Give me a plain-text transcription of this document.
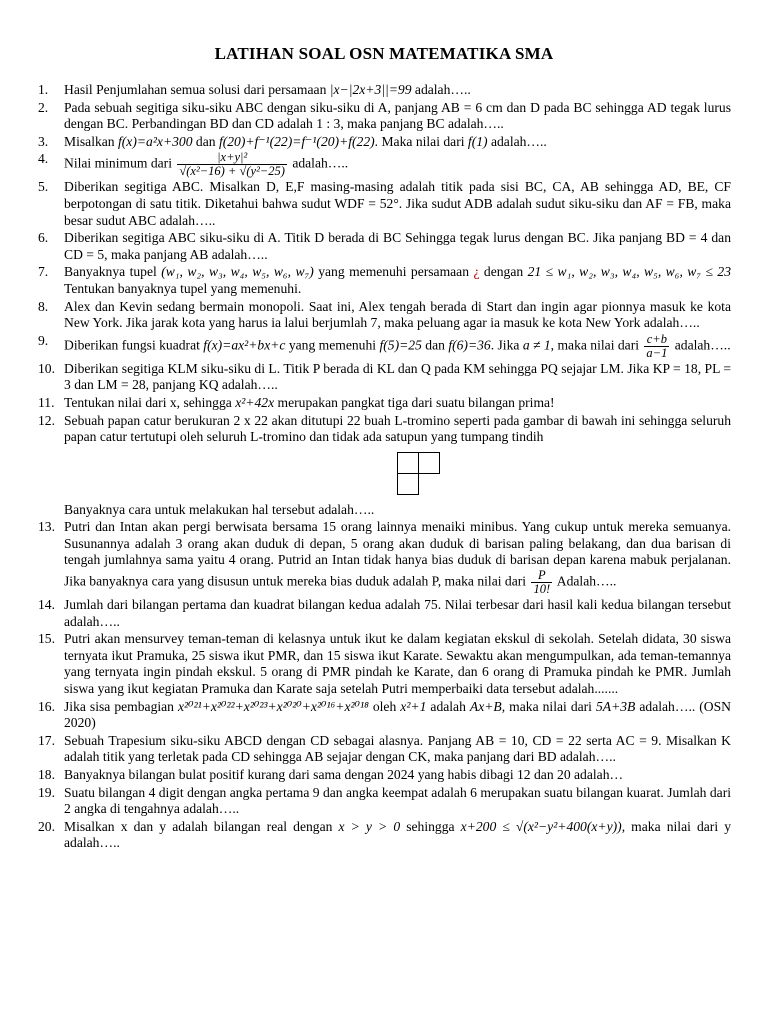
LATIHAN SOAL OSN MATEMATIKA SMA
1.	Hasil Penjumlahan semua solusi dari persamaan |x−|2x+3||=99 adalah…..
2.	Pada sebuah segitiga siku-siku ABC dengan siku-siku di A, panjang AB = 6 cm dan D pada BC sehingga AD tegak lurus dengan BC. Perbandingan BD dan CD adalah 1 : 3, maka panjang BC adalah…..
3.	Misalkan f(x)=a²x+300 dan f(20)+f⁻¹(22)=f⁻¹(20)+f(22). Maka nilai dari f(1) adalah…..
4.	Nilai minimum dari $\frac{\text{|x+y|²}}{\text{√(x²−16) + √(y²−25)}}$ adalah…..
5.	Diberikan segitiga ABC. Misalkan D, E,F masing-masing adalah titik pada sisi BC, CA, AB sehingga AD, BE, CF berpotongan di satu titik. Diketahui bahwa sudut WDF = 52°. Jika sudut ADB adalah sudut siku-siku dan AF = FB, maka besar sudut ABC adalah…..
6.	Diberikan segitiga ABC siku-siku di A. Titik D berada di BC Sehingga tegak lurus dengan BC. Jika panjang BD = 4 dan CD = 5, maka panjang AB adalah…..
7.	Banyaknya tupel (w₁, w₂, w₃, w₄, w₅, w₆, w₇) yang memenuhi persamaan ¿ dengan 21 ≤ w₁, w₂, w₃, w₄, w₅, w₆, w₇ ≤ 23 Tentukan banyaknya tupel yang memenuhi.
8.	Alex dan Kevin sedang bermain monopoli. Saat ini, Alex tengah berada di Start dan ingin agar pionnya masuk ke kota New York. Jika jarak kota yang harus ia lalui berjumlah 7, maka peluang agar ia masuk ke kota New York adalah…..
9.	Diberikan fungsi kuadrat f(x)=ax²+bx+c yang memenuhi f(5)=25 dan f(6)=36. Jika a ≠ 1, maka nilai dari $\frac{c+b}{a-1}$ adalah…..
10. Diberikan segitiga KLM siku-siku di L. Titik P berada di KL dan Q pada KM sehingga PQ sejajar LM. Jika KP = 18, PL = 3 dan LM = 28, panjang KQ adalah…..
11. Tentukan nilai dari x, sehingga x²+42x merupakan pangkat tiga dari suatu bilangan prima!
12. Sebuah papan catur berukuran 2 x 22 akan ditutupi 22 buah L-tromino seperti pada gambar di bawah ini sehingga seluruh papan catur tertutupi oleh seluruh L-tromino dan tidak ada satupun yang tumpang tindih
Banyaknya cara untuk melakukan hal tersebut adalah…..
13. Putri dan Intan akan pergi berwisata bersama 15 orang lainnya menaiki minibus. Yang cukup untuk mereka semuanya. Susunannya adalah 3 orang akan duduk di depan, 5 orang akan duduk di barisan paling belakang, dan dua barisan di tengah jumlahnya sama yaitu 4 orang. Putrid an Intan tidak hanya bias duduk di barisan depan karena mabuk perjalanan. Jika banyaknya cara yang disusun untuk mereka bias duduk adalah P, maka nilai dari $\frac{P}{10!}$ Adalah…..
14. Jumlah dari bilangan pertama dan kuadrat bilangan kedua adalah 75. Nilai terbesar dari hasil kali kedua bilangan tersebut adalah…..
15. Putri akan mensurvey teman-teman di kelasnya untuk ikut ke dalam kegiatan ekskul di sekolah. Setelah didata, 30 siswa ternyata ikut Pramuka, 25 siswa ikut PMR, dan 15 siswa ikut Karate. Sewaktu akan mengumpulkan, ada teman-temannya yang ternyata ingin pindah ekskul. 5 orang di PMR pindah ke Karate, dan 6 orang di Pramuka pindah ke PMR. Jumlah siswa yang ikut kegiatan Pramuka dan Karate saja setelah Putri memperbaiki data tersebut adalah.......
16. Jika sisa pembagian x²⁰²¹+x²⁰²²+x²⁰²³+x²⁰²⁰+x²⁰¹⁶+x²⁰¹⁸ oleh x²+1 adalah Ax+B, maka nilai dari 5A+3B adalah….. (OSN 2020)
17. Sebuah Trapesium siku-siku ABCD dengan CD sebagai alasnya. Panjang AB = 10, CD = 22 serta AC = 9. Misalkan K adalah titik yang terletak pada CD sehingga AB sejajar dengan CK, maka panjang dari BD adalah…..
18. Banyaknya bilangan bulat positif kurang dari sama dengan 2024 yang habis dibagi 12 dan 20 adalah…
19. Suatu bilangan 4 digit dengan angka pertama 9 dan angka keempat adalah 6 merupakan suatu bilangan kuarat. Jumlah dari 2 angka di tengahnya adalah…..
20. Misalkan x dan y adalah bilangan real dengan x > y > 0 sehingga x+200 ≤ √(x²−y²+400(x+y)), maka nilai dari y adalah…..
